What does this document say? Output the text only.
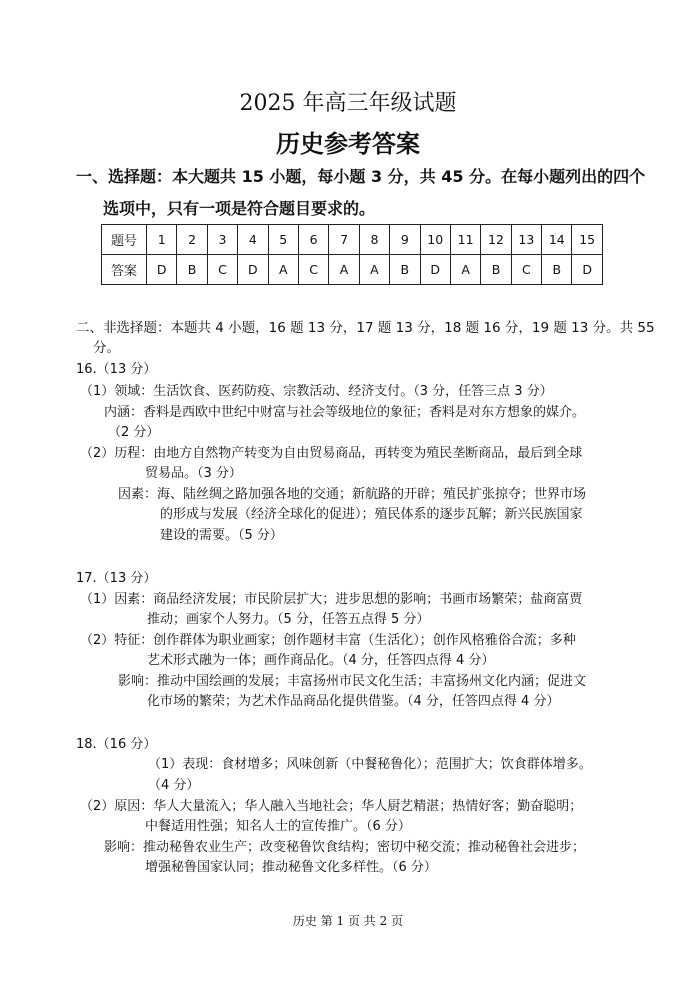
2025 年高三年级试题
历史参考答案
一、选择题：本大题共 15 小题，每小题 3 分，共 45 分。在每小题列出的四个
选项中，只有一项是符合题目要求的。
题号	1	2	3	4	5	6	7	8	9	10	11	12	13	14	15
答案	D	B	C	D	A	C	A	A	B	D	A	B	C	B	D
二、非选择题：本题共 4 小题，16 题 13 分，17 题 13 分，18 题 16 分，19 题 13 分。共 55
分。
16.（13 分）
（1）领域：生活饮食、医药防疫、宗教活动、经济支付。（3 分，任答三点 3 分）
内涵：香料是西欧中世纪中财富与社会等级地位的象征；香料是对东方想象的媒介。
（2 分）
（2）历程：由地方自然物产转变为自由贸易商品，再转变为殖民垄断商品，最后到全球
贸易品。（3 分）
因素：海、陆丝绸之路加强各地的交通；新航路的开辟；殖民扩张掠夺；世界市场
的形成与发展（经济全球化的促进）；殖民体系的逐步瓦解；新兴民族国家
建设的需要。（5 分）
17.（13 分）
（1）因素：商品经济发展；市民阶层扩大；进步思想的影响；书画市场繁荣；盐商富贾
推动；画家个人努力。（5 分，任答五点得 5 分）
（2）特征：创作群体为职业画家；创作题材丰富（生活化）；创作风格雅俗合流；多种
艺术形式融为一体；画作商品化。（4 分，任答四点得 4 分）
影响：推动中国绘画的发展；丰富扬州市民文化生活；丰富扬州文化内涵；促进文
化市场的繁荣；为艺术作品商品化提供借鉴。（4 分，任答四点得 4 分）
18.（16 分）
（1）表现：食材增多；风味创新（中餐秘鲁化）；范围扩大；饮食群体增多。
（4 分）
（2）原因：华人大量流入；华人融入当地社会；华人厨艺精湛；热情好客；勤奋聪明；
中餐适用性强；知名人士的宣传推广。（6 分）
影响：推动秘鲁农业生产；改变秘鲁饮食结构；密切中秘交流；推动秘鲁社会进步；
增强秘鲁国家认同；推动秘鲁文化多样性。（6 分）
历史 第 1 页 共 2 页
